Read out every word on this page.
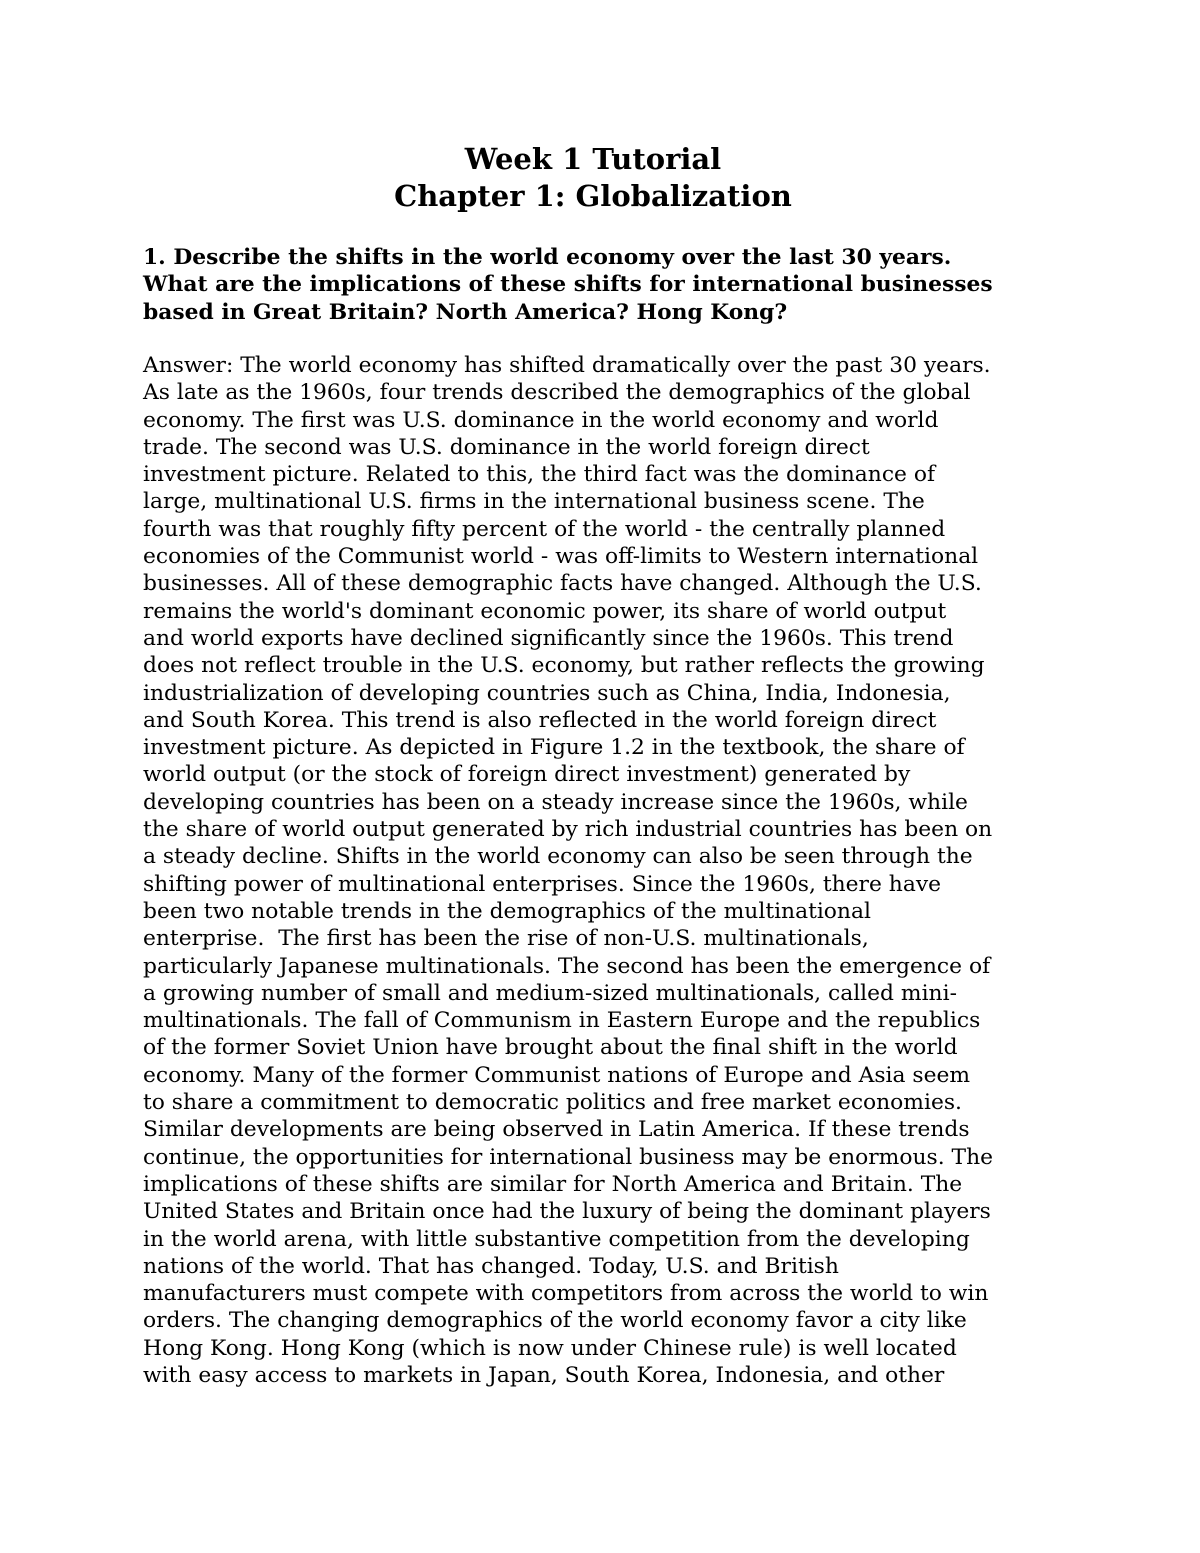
Week 1 Tutorial
Chapter 1: Globalization
1. Describe the shifts in the world economy over the last 30 years.
What are the implications of these shifts for international businesses
based in Great Britain? North America? Hong Kong?
Answer: The world economy has shifted dramatically over the past 30 years.
As late as the 1960s, four trends described the demographics of the global
economy. The first was U.S. dominance in the world economy and world
trade. The second was U.S. dominance in the world foreign direct
investment picture. Related to this, the third fact was the dominance of
large, multinational U.S. firms in the international business scene. The
fourth was that roughly fifty percent of the world - the centrally planned
economies of the Communist world - was off-limits to Western international
businesses. All of these demographic facts have changed. Although the U.S.
remains the world's dominant economic power, its share of world output
and world exports have declined significantly since the 1960s. This trend
does not reflect trouble in the U.S. economy, but rather reflects the growing
industrialization of developing countries such as China, India, Indonesia,
and South Korea. This trend is also reflected in the world foreign direct
investment picture. As depicted in Figure 1.2 in the textbook, the share of
world output (or the stock of foreign direct investment) generated by
developing countries has been on a steady increase since the 1960s, while
the share of world output generated by rich industrial countries has been on
a steady decline. Shifts in the world economy can also be seen through the
shifting power of multinational enterprises. Since the 1960s, there have
been two notable trends in the demographics of the multinational
enterprise.  The first has been the rise of non-U.S. multinationals,
particularly Japanese multinationals. The second has been the emergence of
a growing number of small and medium-sized multinationals, called mini-
multinationals. The fall of Communism in Eastern Europe and the republics
of the former Soviet Union have brought about the final shift in the world
economy. Many of the former Communist nations of Europe and Asia seem
to share a commitment to democratic politics and free market economies.
Similar developments are being observed in Latin America. If these trends
continue, the opportunities for international business may be enormous. The
implications of these shifts are similar for North America and Britain. The
United States and Britain once had the luxury of being the dominant players
in the world arena, with little substantive competition from the developing
nations of the world. That has changed. Today, U.S. and British
manufacturers must compete with competitors from across the world to win
orders. The changing demographics of the world economy favor a city like
Hong Kong. Hong Kong (which is now under Chinese rule) is well located
with easy access to markets in Japan, South Korea, Indonesia, and other
